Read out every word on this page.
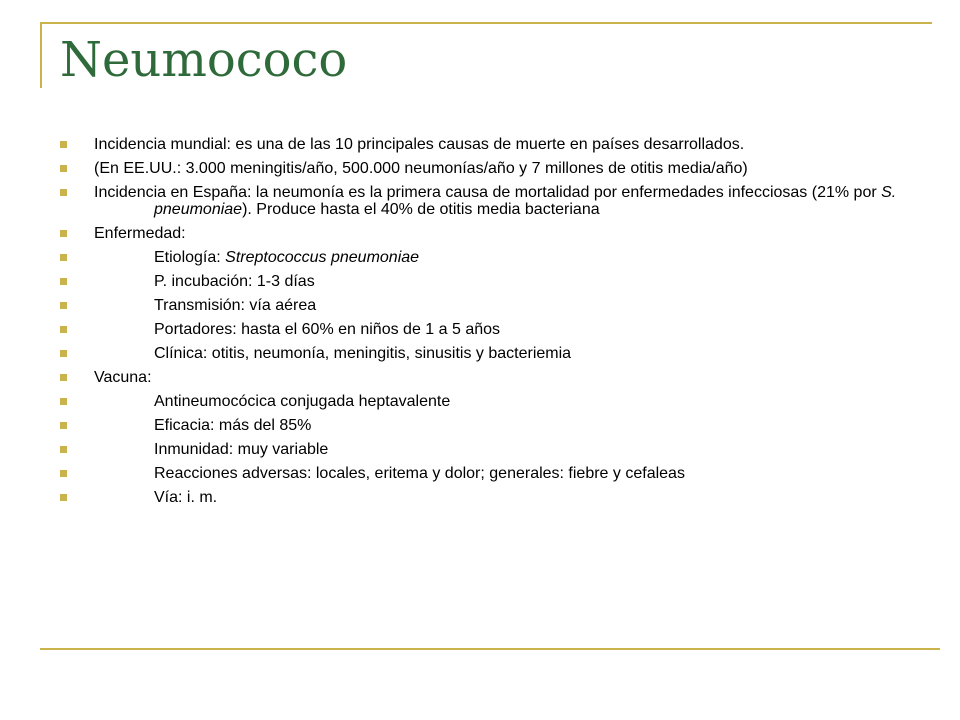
Neumococo
Incidencia mundial: es una de las 10 principales causas de muerte en países desarrollados.
(En EE.UU.: 3.000 meningitis/año, 500.000 neumonías/año y 7 millones de otitis media/año)
Incidencia en España: la neumonía es la primera causa de mortalidad por enfermedades infecciosas (21% por S. pneumoniae). Produce hasta el 40% de otitis media bacteriana
Enfermedad:
Etiología: Streptococcus pneumoniae
P. incubación: 1-3 días
Transmisión: vía aérea
Portadores: hasta el 60% en niños de 1 a 5 años
Clínica: otitis, neumonía, meningitis, sinusitis y bacteriemia
Vacuna:
Antineumocócica conjugada heptavalente
Eficacia: más del 85%
Inmunidad: muy variable
Reacciones adversas: locales, eritema y dolor; generales: fiebre y cefaleas
Vía: i. m.
